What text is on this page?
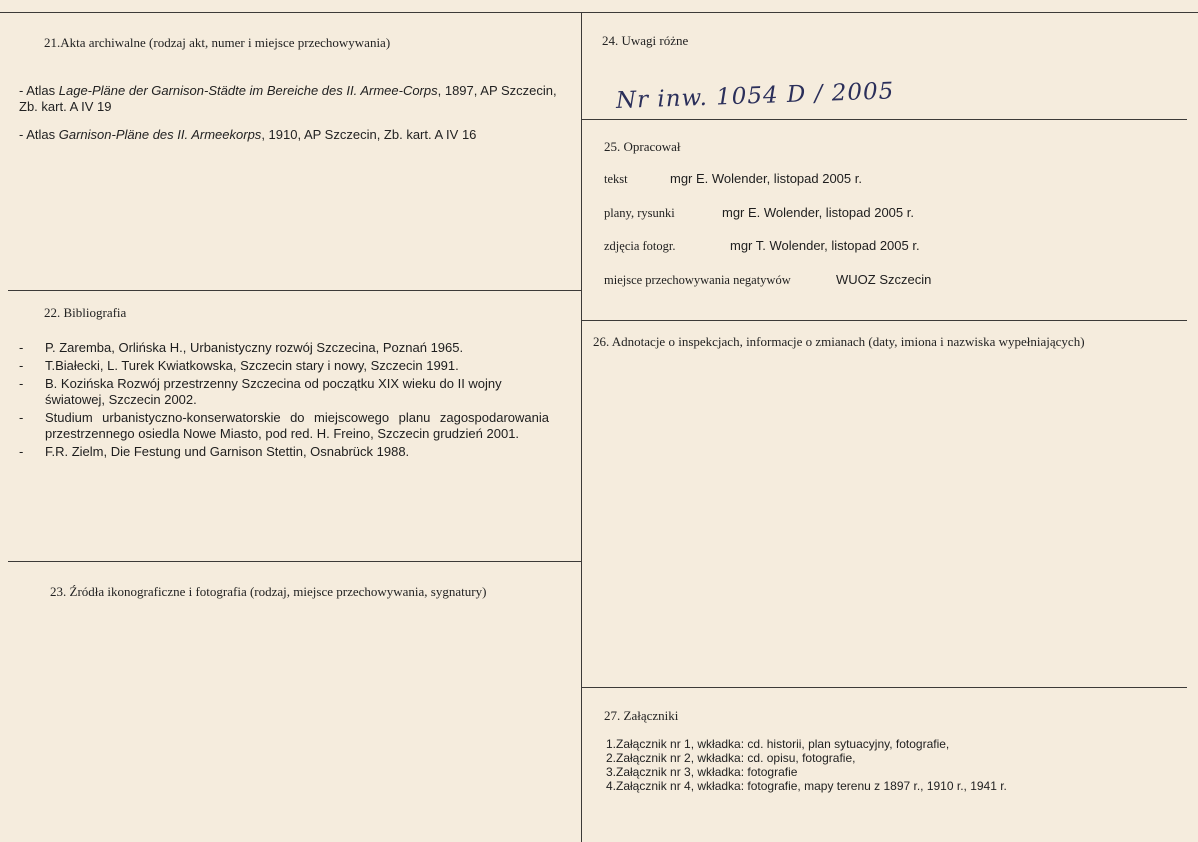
21.Akta archiwalne (rodzaj akt, numer i miejsce przechowywania)
- Atlas Lage-Pläne der Garnison-Städte im Bereiche des II. Armee-Corps, 1897, AP Szczecin, Zb. kart. A IV 19
- Atlas Garnison-Pläne des II. Armeekorps, 1910, AP Szczecin, Zb. kart. A IV 16
22. Bibliografia
- P. Zaremba, Orlińska H., Urbanistyczny rozwój Szczecina, Poznań 1965.
- T.Białecki, L. Turek Kwiatkowska, Szczecin stary i nowy, Szczecin 1991.
- B. Kozińska Rozwój przestrzenny Szczecina od początku XIX wieku do II wojny światowej, Szczecin 2002.
- Studium urbanistyczno-konserwatorskie do miejscowego planu zagospodarowania przestrzennego osiedla Nowe Miasto, pod red. H. Freino, Szczecin grudzień 2001.
- F.R. Zielm, Die Festung und Garnison Stettin, Osnabrück 1988.
23. Źródła ikonograficzne i fotografia (rodzaj, miejsce przechowywania, sygnatury)
24. Uwagi różne
Nr inw. 1054 D / 2005
25. Opracował
tekst	mgr E. Wolender, listopad 2005 r.
plany, rysunki	mgr E. Wolender, listopad 2005 r.
zdjęcia fotogr.	mgr T. Wolender, listopad 2005 r.
miejsce przechowywania negatywów	WUOZ Szczecin
26. Adnotacje o inspekcjach, informacje o zmianach (daty, imiona i nazwiska wypełniających)
27. Załączniki
1.Załącznik nr 1, wkładka: cd. historii, plan sytuacyjny, fotografie,
2.Załącznik nr 2, wkładka: cd. opisu, fotografie,
3.Załącznik nr 3, wkładka: fotografie
4.Załącznik nr 4, wkładka: fotografie, mapy terenu z 1897 r., 1910 r., 1941 r.
